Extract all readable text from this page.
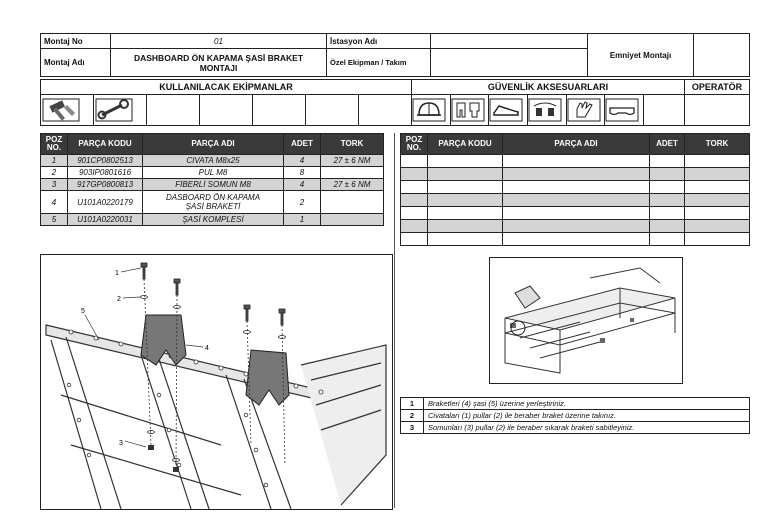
Montaj No	01	İstasyon Adı		Emniyet Montajı	
Montaj Adı	DASHBOARD ÖN KAPAMA ŞASİ BRAKET MONTAJI	Özel Ekipman / Takım			
KULLANILACAK EKİPMANLAR							GÜVENLİK AKSESUARLARI							OPERATÖR

POZ NO.	PARÇA KODU	PARÇA ADI	ADET	TORK
1	901CP0802513	CIVATA M8x25	4	27 ± 6 NM
2	903IP0801616	PUL M8	8	
3	917GP0800813	FİBERLİ SOMUN M8	4	27 ± 6 NM
4	U101A0220179	DASBOARD ÖN KAPAMA ŞASİ BRAKETİ	2	
5	U101A0220031	ŞASİ KOMPLESİ	1	
POZ NO.	PARÇA KODU	PARÇA ADI	ADET	TORK

1
2
3
4
5
1	Braketleri (4) şasi (5) üzerine yerleştiriniz.
2	Civataları (1) pullar (2) ile beraber braket üzerine takınız.
3	Somunları (3) pullar (2) ile beraber sıkarak braketi sabitleyiniz.
